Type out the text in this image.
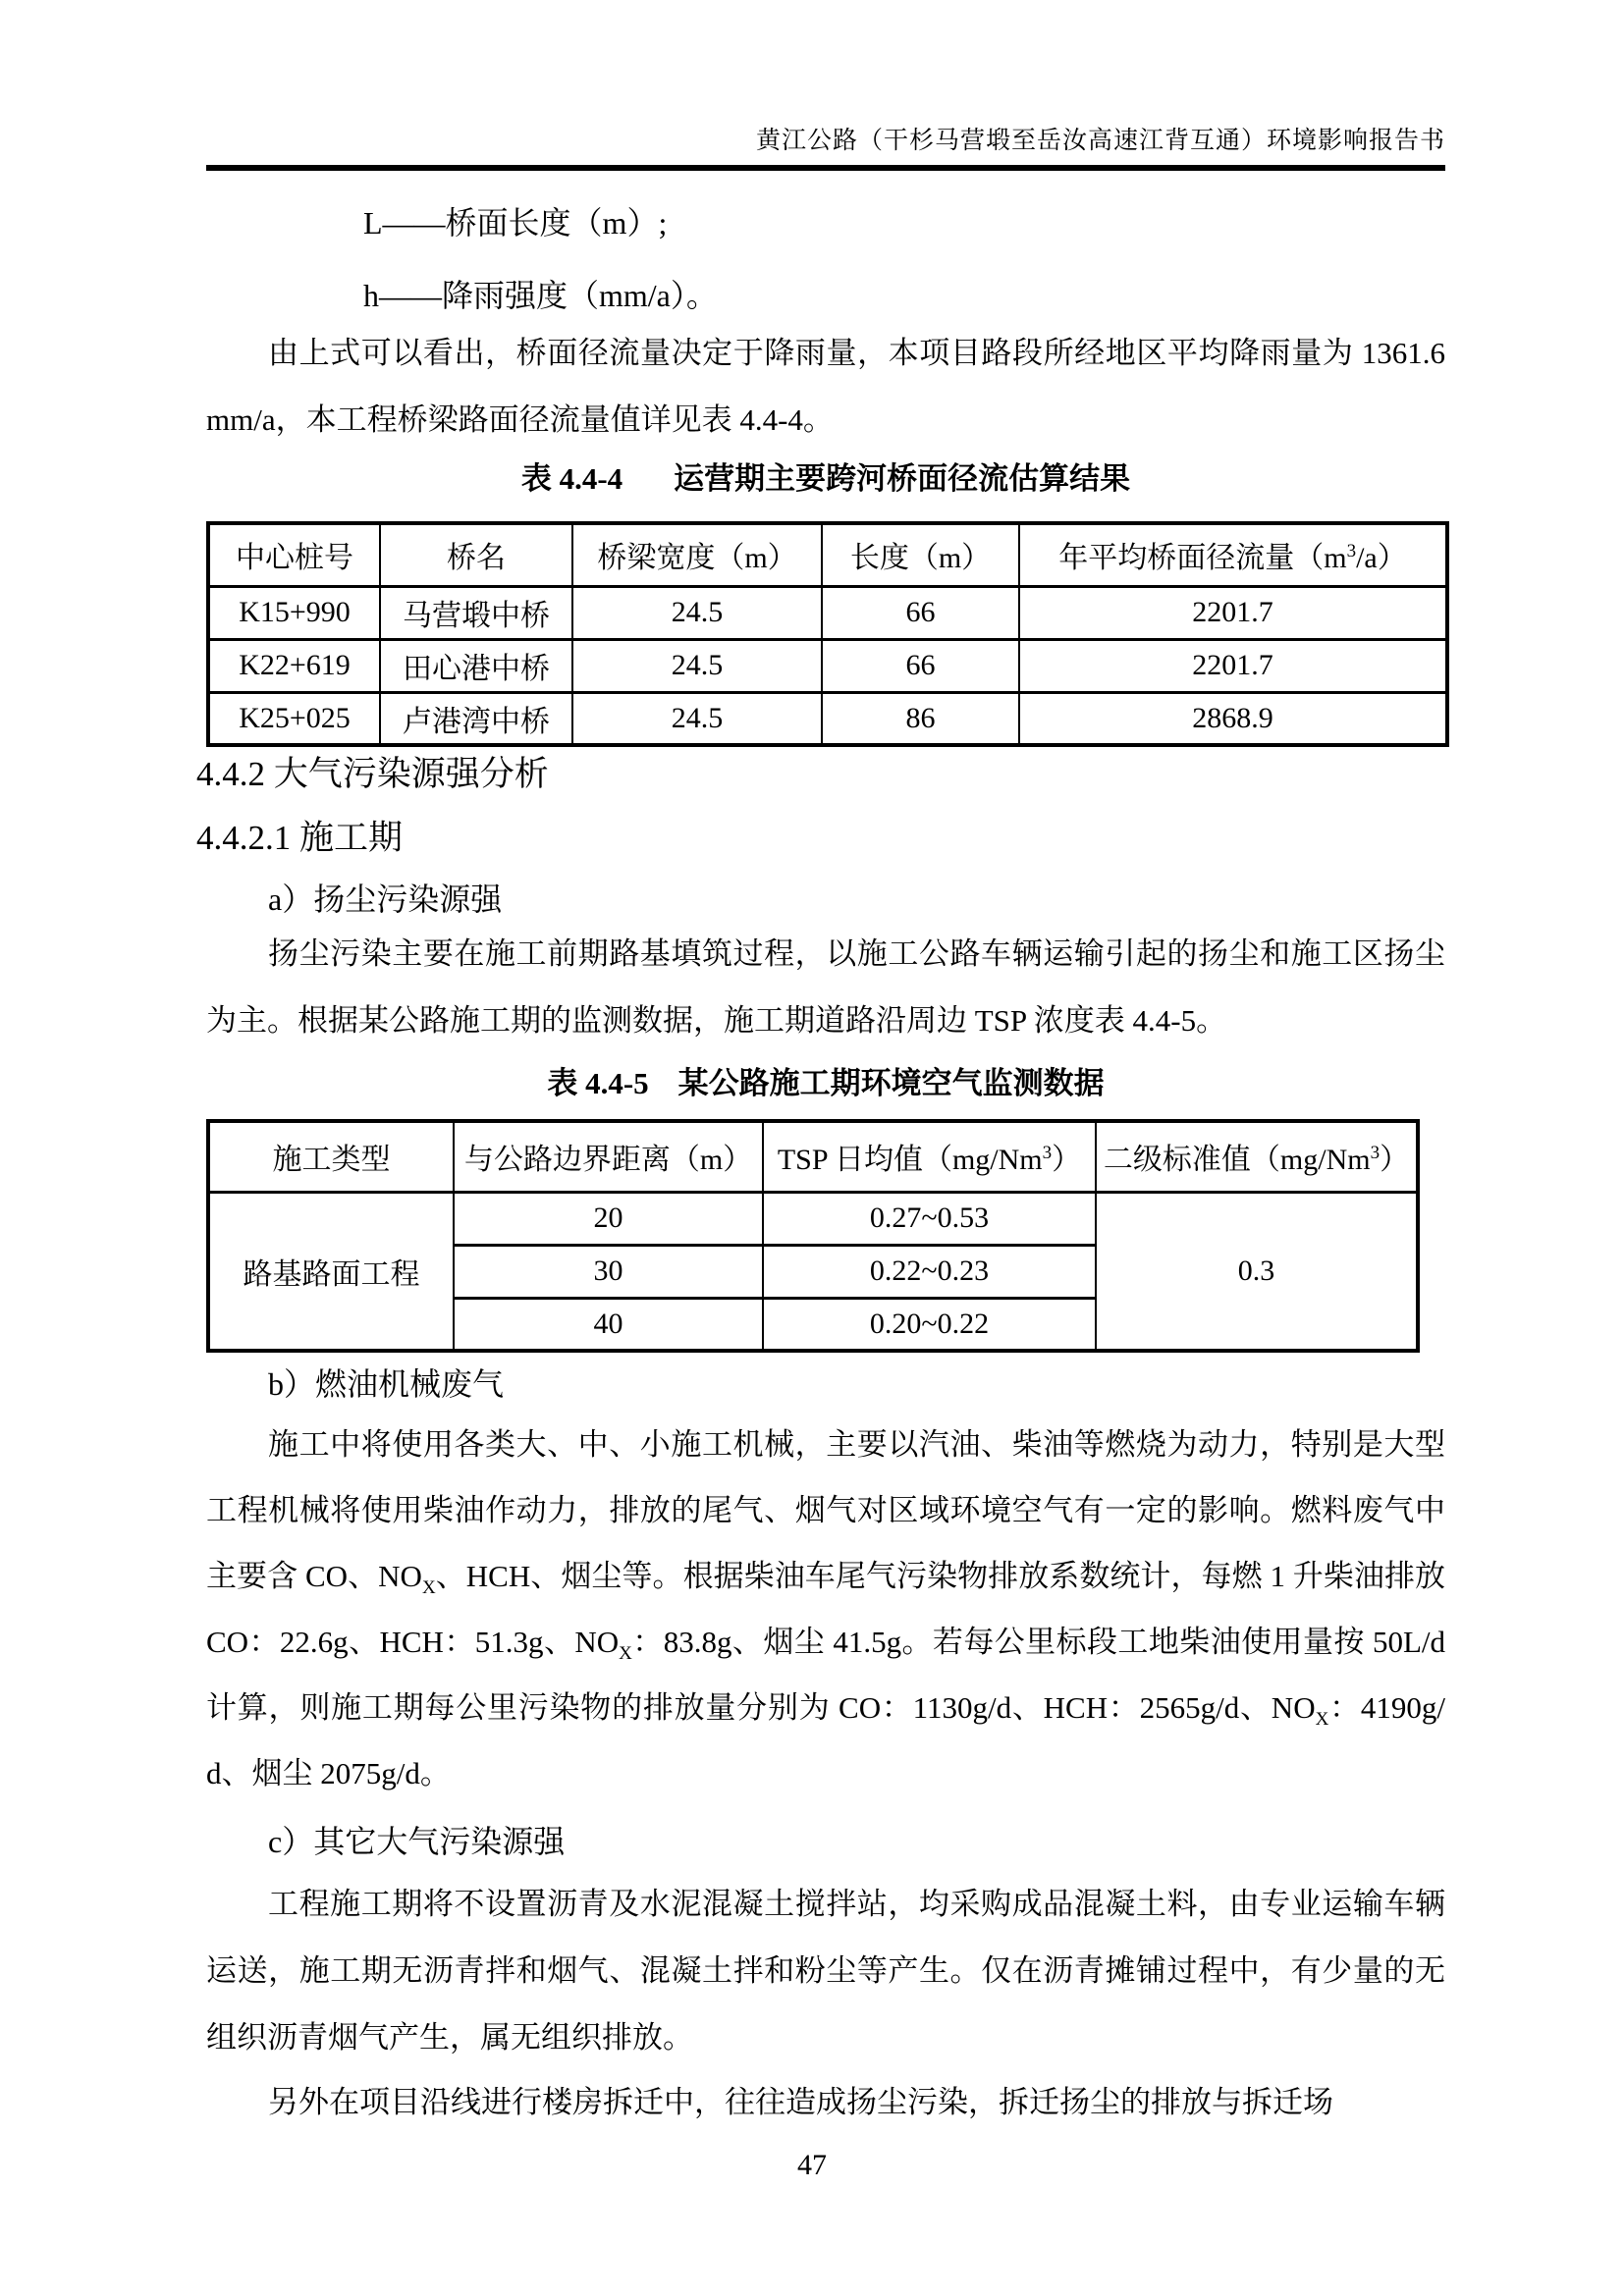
黄江公路（干杉马营塅至岳汝高速江背互通）环境影响报告书
L——桥面长度（m）;
h——降雨强度（mm/a）。
由上式可以看出，桥面径流量决定于降雨量，本项目路段所经地区平均降雨量为 1361.6mm/a，本工程桥梁路面径流量值详见表 4.4-4。
表 4.4-4 运营期主要跨河桥面径流估算结果
中心桩号	桥名	桥梁宽度（m）	长度（m）	年平均桥面径流量$(m^3/a)$
K15+990	马营塅中桥	24.5	66	2201.7
K22+619	田心港中桥	24.5	66	2201.7
K25+025	卢港湾中桥	24.5	86	2868.9
4.4.2 大气污染源强分析
4.4.2.1 施工期
a）扬尘污染源强
扬尘污染主要在施工前期路基填筑过程，以施工公路车辆运输引起的扬尘和施工区扬尘为主。根据某公路施工期的监测数据，施工期道路沿周边 TSP 浓度表 4.4-5。
表 4.4-5 某公路施工期环境空气监测数据
施工类型	与公路边界距离（m）	TSP 日均值（mg/Nm$^3$）	二级标准值（mg/Nm$^3$）
路基路面工程	20	0.27~0.53	0.3
	30	0.22~0.23	
	40	0.20~0.22	
b）燃油机械废气
施工中将使用各类大、中、小施工机械，主要以汽油、柴油等燃烧为动力，特别是大型工程机械将使用柴油作动力，排放的尾气、烟气对区域环境空气有一定的影响。燃料废气中主要含 CO、$NO_X$、HCH、烟尘等。根据柴油车尾气污染物排放系数统计，每燃 1 升柴油排放 CO：22.6g、HCH：51.3g、$NO_X$：83.8g、烟尘 41.5g。若每公里标段工地柴油使用量按 50L/d 计算，则施工期每公里污染物的排放量分别为 CO：1130g/d、HCH：2565g/d、$NO_X$：4190g/d、烟尘 2075g/d。
c）其它大气污染源强
工程施工期将不设置沥青及水泥混凝土搅拌站，均采购成品混凝土料，由专业运输车辆运送，施工期无沥青拌和烟气、混凝土拌和粉尘等产生。仅在沥青摊铺过程中，有少量的无组织沥青烟气产生，属无组织排放。
另外在项目沿线进行楼房拆迁中，往往造成扬尘污染，拆迁扬尘的排放与拆迁场
47
